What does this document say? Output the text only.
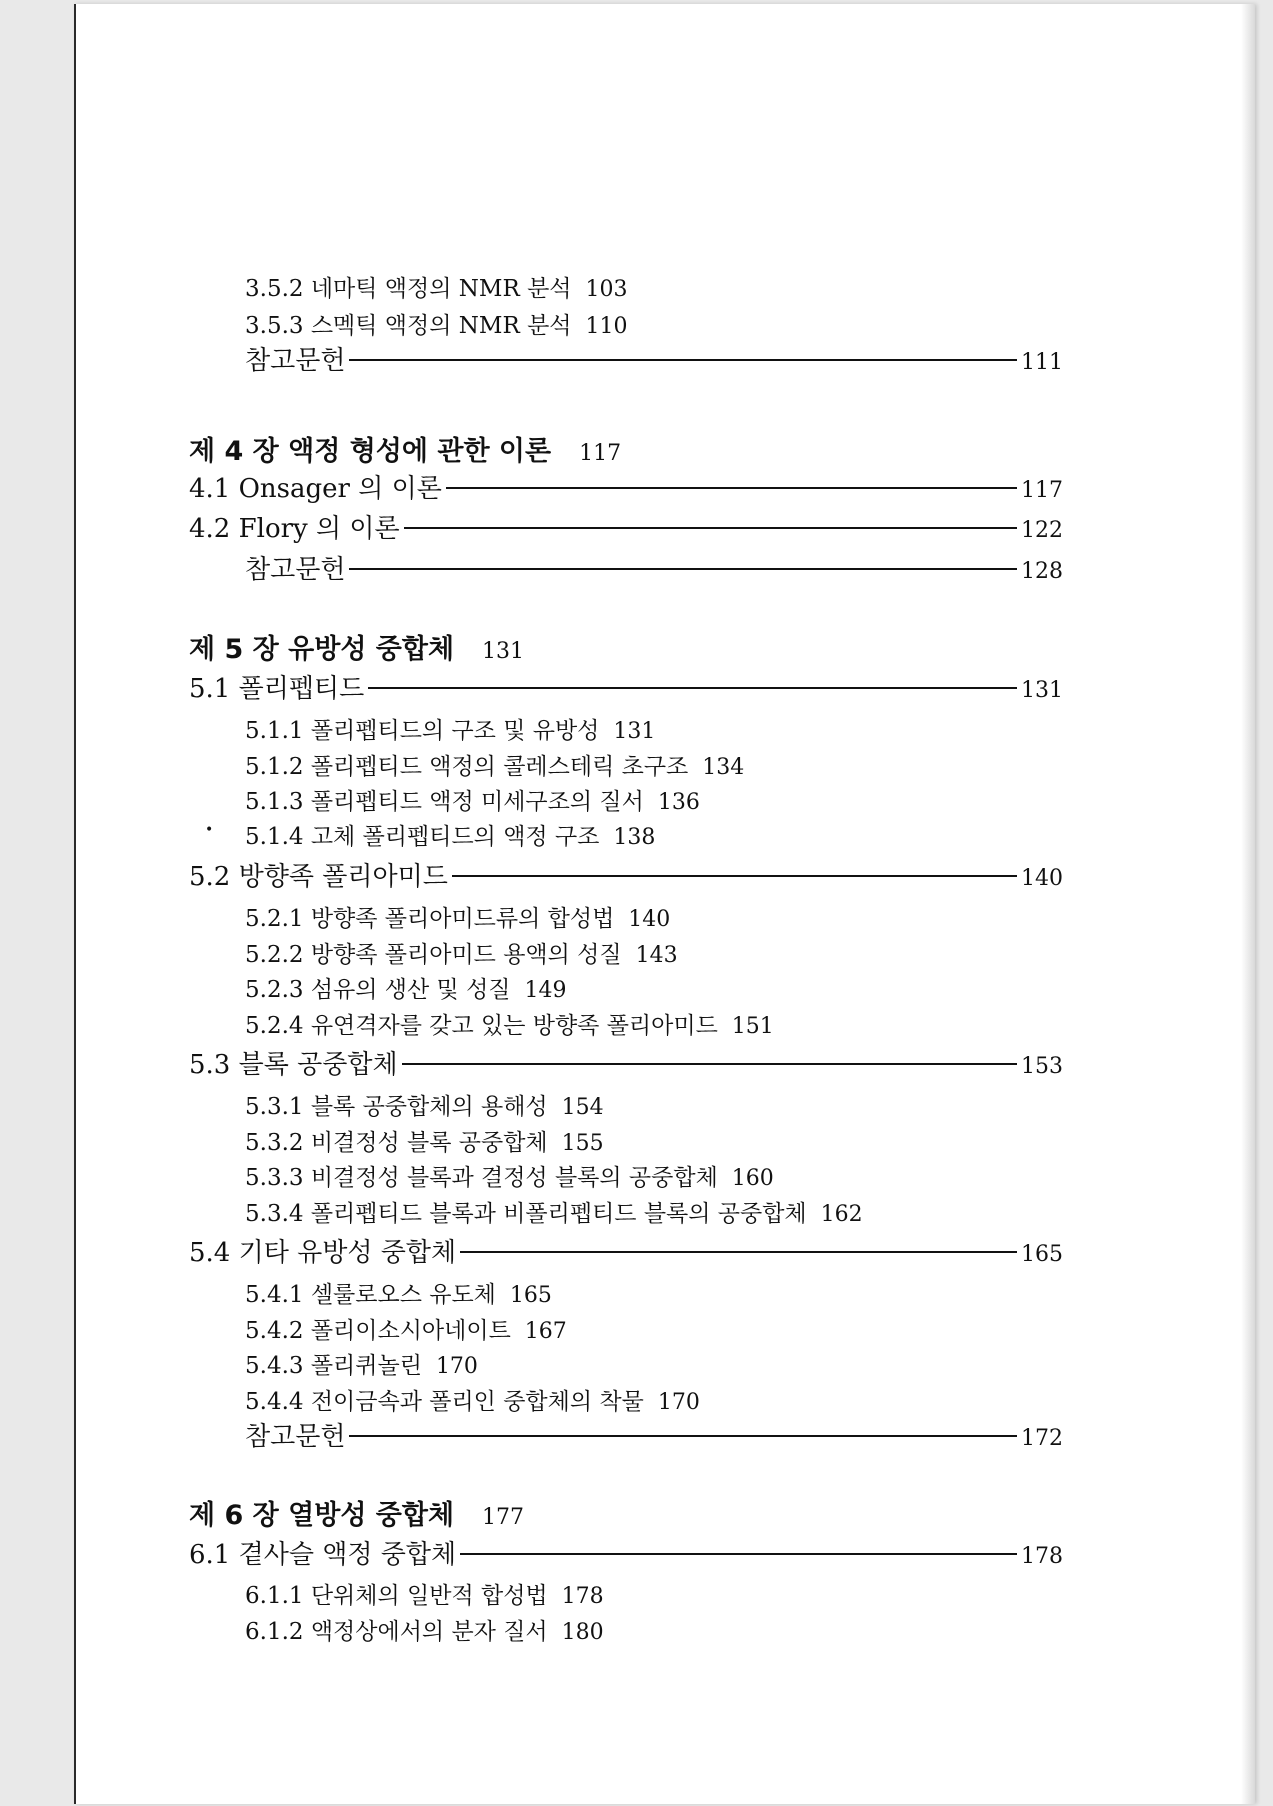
3.5.2 네마틱 액정의 NMR 분석 103
3.5.3 스멕틱 액정의 NMR 분석 110
참고문헌	111
제 4 장 액정 형성에 관한 이론 117
4.1 Onsager 의 이론	117
4.2 Flory 의 이론	122
참고문헌	128
제 5 장 유방성 중합체 131
5.1 폴리펩티드	131
5.1.1 폴리펩티드의 구조 및 유방성 131
5.1.2 폴리펩티드 액정의 콜레스테릭 초구조 134
5.1.3 폴리펩티드 액정 미세구조의 질서 136
• 5.1.4 고체 폴리펩티드의 액정 구조 138
5.2 방향족 폴리아미드	140
5.2.1 방향족 폴리아미드류의 합성법 140
5.2.2 방향족 폴리아미드 용액의 성질 143
5.2.3 섬유의 생산 및 성질 149
5.2.4 유연격자를 갖고 있는 방향족 폴리아미드 151
5.3 블록 공중합체	153
5.3.1 블록 공중합체의 용해성 154
5.3.2 비결정성 블록 공중합체 155
5.3.3 비결정성 블록과 결정성 블록의 공중합체 160
5.3.4 폴리펩티드 블록과 비폴리펩티드 블록의 공중합체 162
5.4 기타 유방성 중합체	165
5.4.1 셀룰로오스 유도체 165
5.4.2 폴리이소시아네이트 167
5.4.3 폴리퀴놀린 170
5.4.4 전이금속과 폴리인 중합체의 착물 170
참고문헌	172
제 6 장 열방성 중합체 177
6.1 곁사슬 액정 중합체	178
6.1.1 단위체의 일반적 합성법 178
6.1.2 액정상에서의 분자 질서 180
